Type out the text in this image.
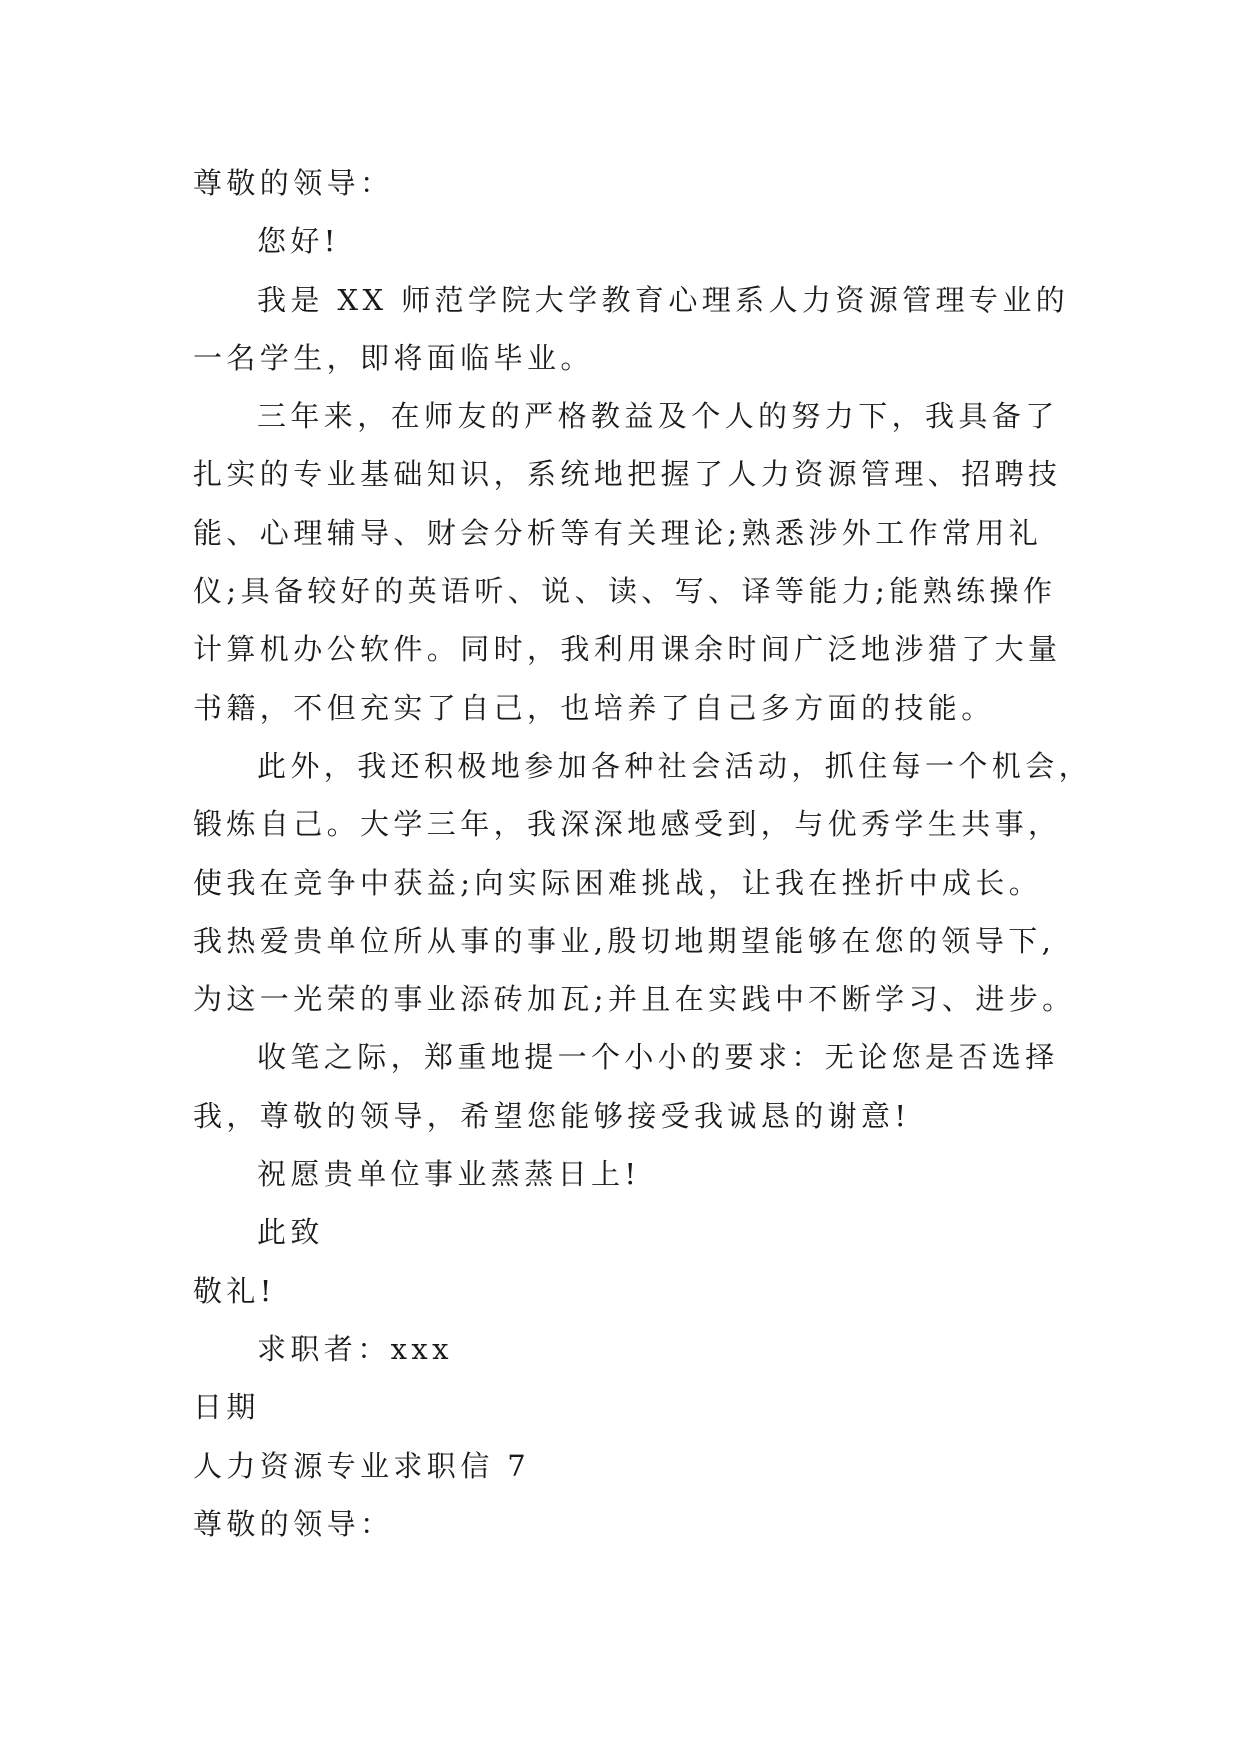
尊敬的领导：
您好!
我是 XX 师范学院大学教育心理系人力资源管理专业的
一名学生，即将面临毕业。
三年来，在师友的严格教益及个人的努力下，我具备了
扎实的专业基础知识，系统地把握了人力资源管理、招聘技
能、心理辅导、财会分析等有关理论;熟悉涉外工作常用礼
仪;具备较好的英语听、说、读、写、译等能力;能熟练操作
计算机办公软件。同时，我利用课余时间广泛地涉猎了大量
书籍，不但充实了自己，也培养了自己多方面的技能。
此外，我还积极地参加各种社会活动，抓住每一个机会，
锻炼自己。大学三年，我深深地感受到，与优秀学生共事，
使我在竞争中获益;向实际困难挑战，让我在挫折中成长。
我热爱贵单位所从事的事业,殷切地期望能够在您的领导下,
为这一光荣的事业添砖加瓦;并且在实践中不断学习、进步。
收笔之际，郑重地提一个小小的要求：无论您是否选择
我，尊敬的领导，希望您能够接受我诚恳的谢意!
祝愿贵单位事业蒸蒸日上!
此致
敬礼!
求职者：xxx
日期
人力资源专业求职信 7
尊敬的领导：
